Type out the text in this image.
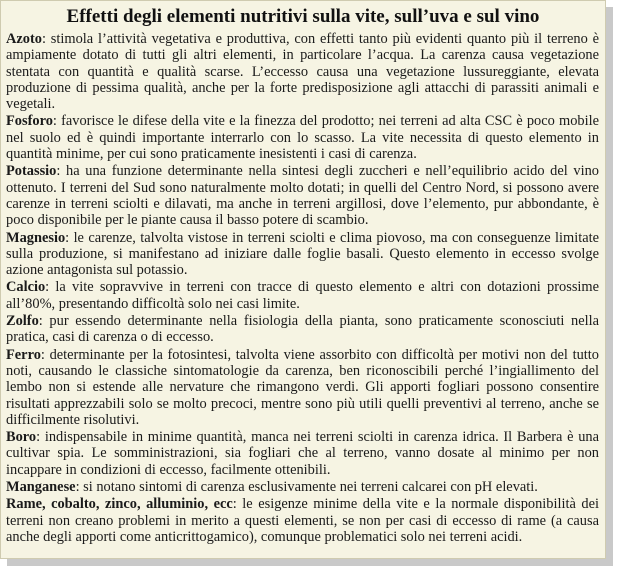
Effetti degli elementi nutritivi sulla vite, sull’uva e sul vino

Azoto: stimola l’attività vegetativa e produttiva, con effetti tanto più evidenti quanto più il terreno è ampiamente dotato di tutti gli altri elementi, in particolare l’acqua. La carenza causa vegetazione stentata con quantità e qualità scarse. L’eccesso causa una vegetazione lussureggiante, elevata produzione di pessima qualità, anche per la forte predisposizione agli attacchi di parassiti animali e vegetali.

Fosforo: favorisce le difese della vite e la finezza del prodotto; nei terreni ad alta CSC è poco mobile nel suolo ed è quindi importante interrarlo con lo scasso. La vite necessita di questo elemento in quantità minime, per cui sono praticamente inesistenti i casi di carenza.

Potassio: ha una funzione determinante nella sintesi degli zuccheri e nell’equilibrio acido del vino ottenuto. I terreni del Sud sono naturalmente molto dotati; in quelli del Centro Nord, si possono avere carenze in terreni sciolti e dilavati, ma anche in terreni argillosi, dove l’elemento, pur abbondante, è poco disponibile per le piante causa il basso potere di scambio.

Magnesio: le carenze, talvolta vistose in terreni sciolti e clima piovoso, ma con conseguenze limitate sulla produzione, si manifestano ad iniziare dalle foglie basali. Questo elemento in eccesso svolge azione antagonista sul potassio.

Calcio: la vite sopravvive in terreni con tracce di questo elemento e altri con dotazioni prossime all’80%, presentando difficoltà solo nei casi limite.

Zolfo: pur essendo determinante nella fisiologia della pianta, sono praticamente sconosciuti nella pratica, casi di carenza o di eccesso.

Ferro: determinante per la fotosintesi, talvolta viene assorbito con difficoltà per motivi non del tutto noti, causando le classiche sintomatologie da carenza, ben riconoscibili perché l’ingiallimento del lembo non si estende alle nervature che rimangono verdi. Gli apporti fogliari possono consentire risultati apprezzabili solo se molto precoci, mentre sono più utili quelli preventivi al terreno, anche se difficilmente risolutivi.

Boro: indispensabile in minime quantità, manca nei terreni sciolti in carenza idrica. Il Barbera è una cultivar spia. Le somministrazioni, sia fogliari che al terreno, vanno dosate al minimo per non incappare in condizioni di eccesso, facilmente ottenibili.

Manganese: si notano sintomi di carenza esclusivamente nei terreni calcarei con pH elevati.

Rame, cobalto, zinco, alluminio, ecc: le esigenze minime della vite e la normale disponibilità dei terreni non creano problemi in merito a questi elementi, se non per casi di eccesso di rame (a causa anche degli apporti come anticrittogamico), comunque problematici solo nei terreni acidi.
